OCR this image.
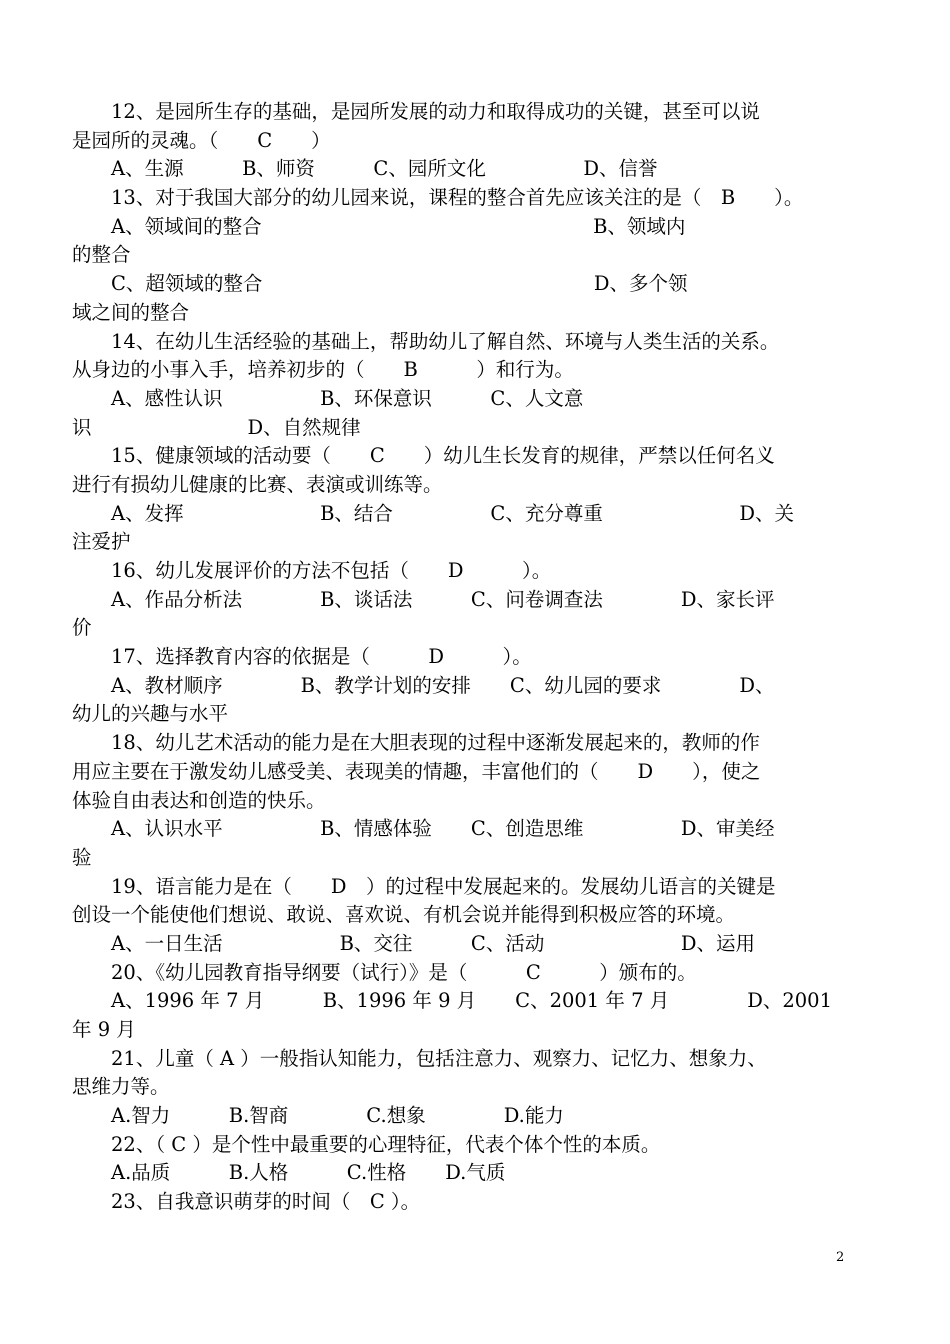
　　12、是园所生存的基础，是园所发展的动力和取得成功的关键，甚至可以说
是园所的灵魂。（　　C　　）
　　A、生源　　　B、师资　　　C、园所文化　　　　　D、信誉
　　13、对于我国大部分的幼儿园来说，课程的整合首先应该关注的是（　B　　）。
　　A、领域间的整合　　　　　　　　　　　　　　　　　B、领域内
的整合
　　C、超领域的整合　　　　　　　　　　　　　　　　　D、多个领
域之间的整合
　　14、在幼儿生活经验的基础上，帮助幼儿了解自然、环境与人类生活的关系。
从身边的小事入手，培养初步的（　　B　　　）和行为。
　　A、感性认识　　　　　B、环保意识　　　C、人文意
识　　　　　　　　D、自然规律
　　15、健康领域的活动要（　　C　　）幼儿生长发育的规律，严禁以任何名义
进行有损幼儿健康的比赛、表演或训练等。
　　A、发挥　　　　　　　B、结合　　　　　C、充分尊重　　　　　　　D、关
注爱护
　　16、幼儿发展评价的方法不包括（　　D　　　）。
　　A、作品分析法　　　　B、谈话法　　　C、问卷调查法　　　　D、家长评
价
　　17、选择教育内容的依据是（　　　D　　　）。
　　A、教材顺序　　　　B、教学计划的安排　　C、幼儿园的要求　　　　D、
幼儿的兴趣与水平
　　18、幼儿艺术活动的能力是在大胆表现的过程中逐渐发展起来的，教师的作
用应主要在于激发幼儿感受美、表现美的情趣，丰富他们的（　　D　　），使之
体验自由表达和创造的快乐。
　　A、认识水平　　　　　B、情感体验　　C、创造思维　　　　　D、审美经
验
　　19、语言能力是在（　　D　）的过程中发展起来的。发展幼儿语言的关键是
创设一个能使他们想说、敢说、喜欢说、有机会说并能得到积极应答的环境。
　　A、一日生活　　　　　　B、交往　　　C、活动　　　　　　　D、运用
　　20、《幼儿园教育指导纲要（试行）》是（　　　C　　　）颁布的。
　　A、1996 年 7 月　　　B、1996 年 9 月　　C、2001 年 7 月　　　　D、2001
年 9 月
　　21、儿童（ A ）一般指认知能力，包括注意力、观察力、记忆力、想象力、
思维力等。
　　A.智力　　　B.智商　　　　C.想象　　　　D.能力
　　22、（ C ）是个性中最重要的心理特征，代表个体个性的本质。
　　A.品质　　　B.人格　　　C.性格　　D.气质
　　23、自我意识萌芽的时间（　C ）。
2
